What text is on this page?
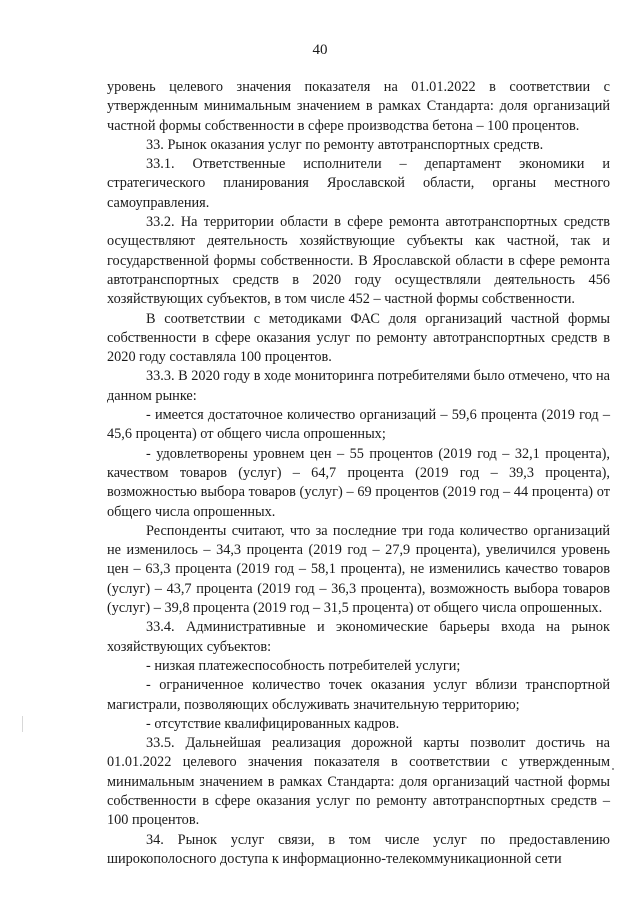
40

уровень целевого значения показателя на 01.01.2022 в соответствии с утвержденным минимальным значением в рамках Стандарта: доля организаций частной формы собственности в сфере производства бетона – 100 процентов.

33. Рынок оказания услуг по ремонту автотранспортных средств.

33.1. Ответственные исполнители – департамент экономики и стратегического планирования Ярославской области, органы местного самоуправления.

33.2. На территории области в сфере ремонта автотранспортных средств осуществляют деятельность хозяйствующие субъекты как частной, так и государственной формы собственности. В Ярославской области в сфере ремонта автотранспортных средств в 2020 году осуществляли деятельность 456 хозяйствующих субъектов, в том числе 452 – частной формы собственности.

В соответствии с методиками ФАС доля организаций частной формы собственности в сфере оказания услуг по ремонту автотранспортных средств в 2020 году составляла 100 процентов.

33.3. В 2020 году в ходе мониторинга потребителями было отмечено, что на данном рынке:

- имеется достаточное количество организаций – 59,6 процента (2019 год – 45,6 процента) от общего числа опрошенных;

- удовлетворены уровнем цен – 55 процентов (2019 год – 32,1 процента), качеством товаров (услуг) – 64,7 процента (2019 год – 39,3 процента), возможностью выбора товаров (услуг) – 69 процентов (2019 год – 44 процента) от общего числа опрошенных.

Респонденты считают, что за последние три года количество организаций не изменилось – 34,3 процента (2019 год – 27,9 процента), увеличился уровень цен – 63,3 процента (2019 год – 58,1 процента), не изменились качество товаров (услуг) – 43,7 процента (2019 год – 36,3 процента), возможность выбора товаров (услуг) – 39,8 процента (2019 год – 31,5 процента) от общего числа опрошенных.

33.4. Административные и экономические барьеры входа на рынок хозяйствующих субъектов:

- низкая платежеспособность потребителей услуги;

- ограниченное количество точек оказания услуг вблизи транспортной магистрали, позволяющих обслуживать значительную территорию;

- отсутствие квалифицированных кадров.

33.5. Дальнейшая реализация дорожной карты позволит достичь на 01.01.2022 целевого значения показателя в соответствии с утвержденным минимальным значением в рамках Стандарта: доля организаций частной формы собственности в сфере оказания услуг по ремонту автотранспортных средств – 100 процентов.

34. Рынок услуг связи, в том числе услуг по предоставлению широкополосного доступа к информационно-телекоммуникационной сети
